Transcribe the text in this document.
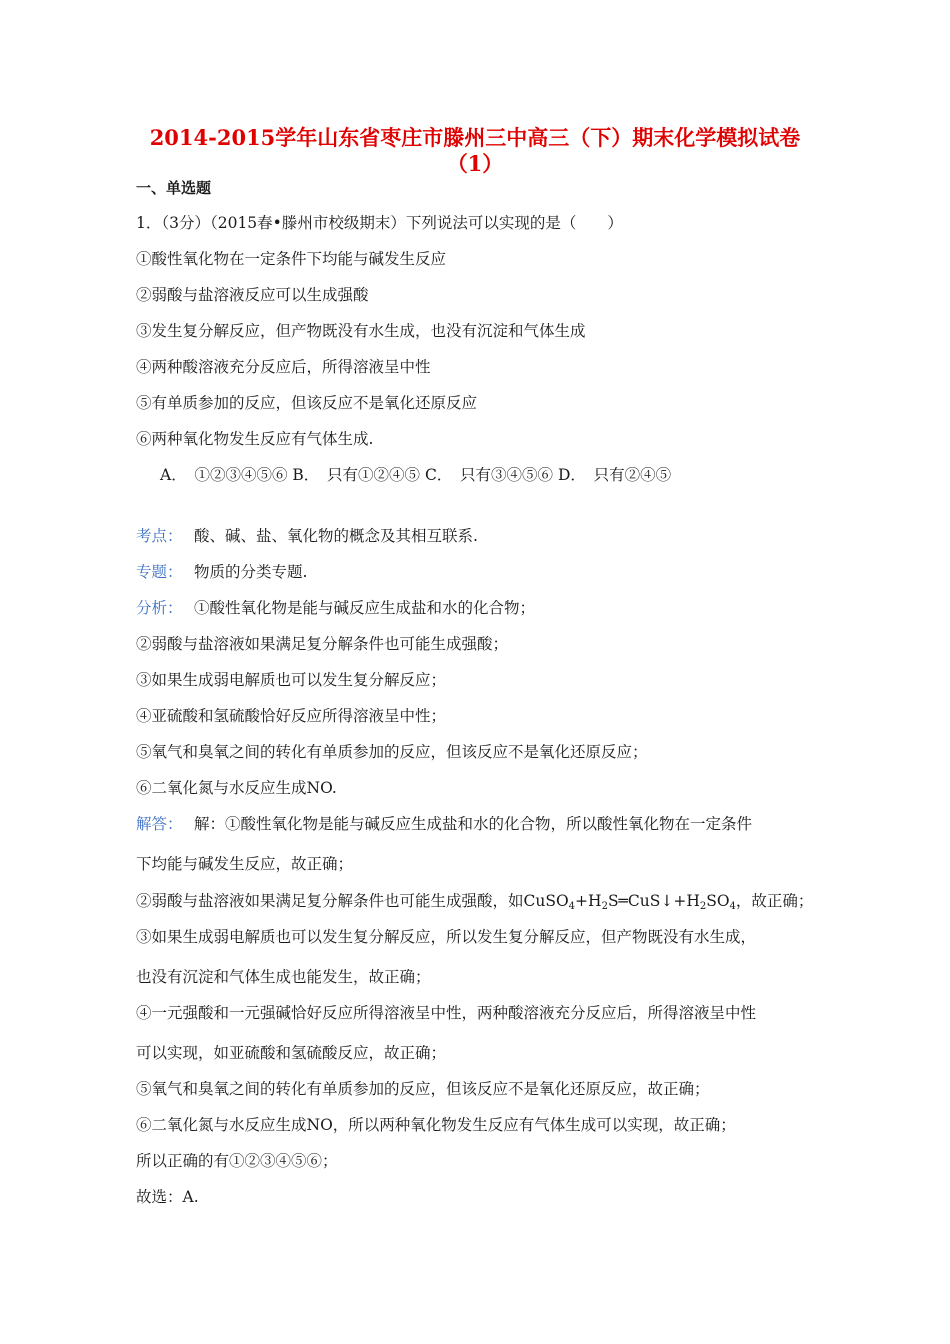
2014-2015学年山东省枣庄市滕州三中高三（下）期末化学模拟试卷
（1）
一、单选题
1．（3分）（2015春•滕州市校级期末）下列说法可以实现的是（　　）
①酸性氧化物在一定条件下均能与碱发生反应
②弱酸与盐溶液反应可以生成强酸
③发生复分解反应，但产物既没有水生成，也没有沉淀和气体生成
④两种酸溶液充分反应后，所得溶液呈中性
⑤有单质参加的反应，但该反应不是氧化还原反应
⑥两种氧化物发生反应有气体生成.
A．　①②③④⑤⑥ B．　只有①②④⑤ C．　只有③④⑤⑥ D．　只有②④⑤
考点： 酸、碱、盐、氧化物的概念及其相互联系.
专题： 物质的分类专题.
分析： ①酸性氧化物是能与碱反应生成盐和水的化合物；
②弱酸与盐溶液如果满足复分解条件也可能生成强酸；
③如果生成弱电解质也可以发生复分解反应；
④亚硫酸和氢硫酸恰好反应所得溶液呈中性；
⑤氧气和臭氧之间的转化有单质参加的反应，但该反应不是氧化还原反应；
⑥二氧化氮与水反应生成NO.
解答： 解：①酸性氧化物是能与碱反应生成盐和水的化合物，所以酸性氧化物在一定条件
下均能与碱发生反应，故正确；
②弱酸与盐溶液如果满足复分解条件也可能生成强酸，如$CuSO_4+H_2S═CuS↓+H_2SO_4$，故正确；
③如果生成弱电解质也可以发生复分解反应，所以发生复分解反应，但产物既没有水生成，
也没有沉淀和气体生成也能发生，故正确；
④一元强酸和一元强碱恰好反应所得溶液呈中性，两种酸溶液充分反应后，所得溶液呈中性
可以实现，如亚硫酸和氢硫酸反应，故正确；
⑤氧气和臭氧之间的转化有单质参加的反应，但该反应不是氧化还原反应，故正确；
⑥二氧化氮与水反应生成NO，所以两种氧化物发生反应有气体生成可以实现，故正确；
所以正确的有①②③④⑤⑥；
故选：A.
